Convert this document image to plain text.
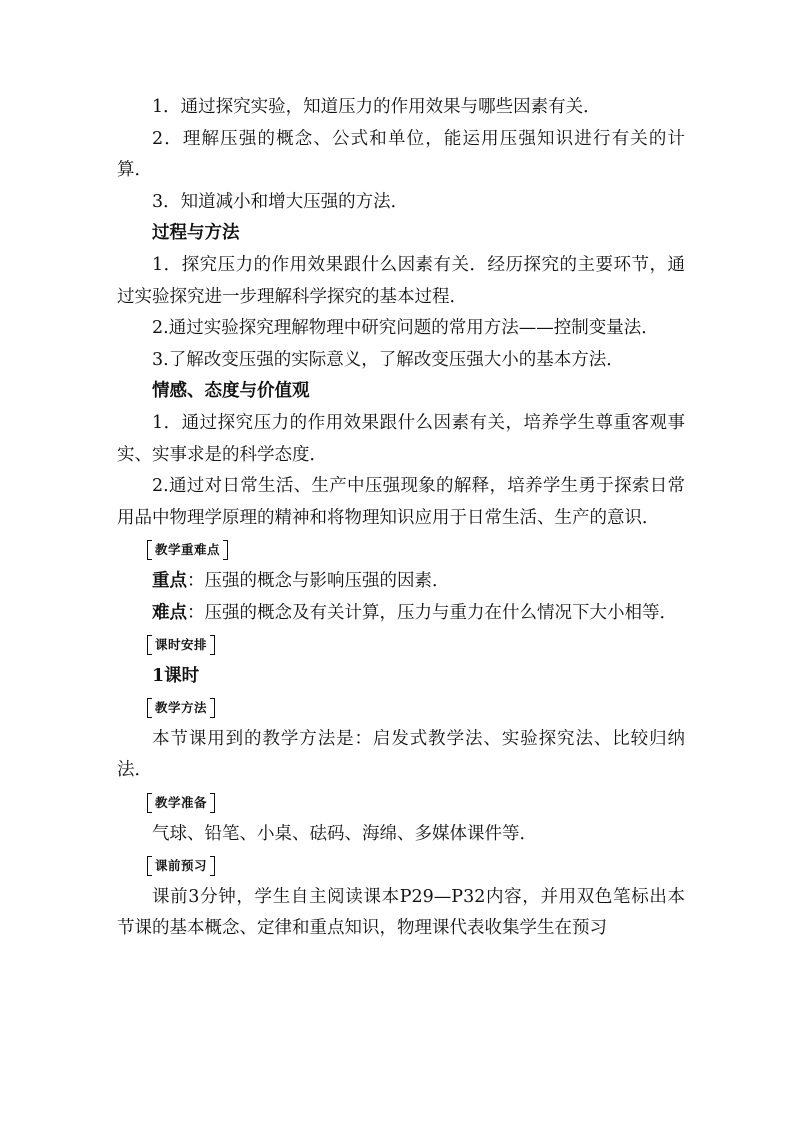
1．通过探究实验，知道压力的作用效果与哪些因素有关．

2．理解压强的概念、公式和单位，能运用压强知识进行有关的计算．

3．知道减小和增大压强的方法．

过程与方法

1．探究压力的作用效果跟什么因素有关．经历探究的主要环节，通过实验探究进一步理解科学探究的基本过程．

2.通过实验探究理解物理中研究问题的常用方法——控制变量法．

3.了解改变压强的实际意义，了解改变压强大小的基本方法．

情感、态度与价值观

1．通过探究压力的作用效果跟什么因素有关，培养学生尊重客观事实、实事求是的科学态度．

2.通过对日常生活、生产中压强现象的解释，培养学生勇于探索日常用品中物理学原理的精神和将物理知识应用于日常生活、生产的意识．

教学重难点

重点：压强的概念与影响压强的因素．

难点：压强的概念及有关计算，压力与重力在什么情况下大小相等．

课时安排

1课时

教学方法

本节课用到的教学方法是：启发式教学法、实验探究法、比较归纳法．

教学准备

气球、铅笔、小桌、砝码、海绵、多媒体课件等．

课前预习

课前3分钟，学生自主阅读课本P29—P32内容，并用双色笔标出本节课的基本概念、定律和重点知识，物理课代表收集学生在预习
